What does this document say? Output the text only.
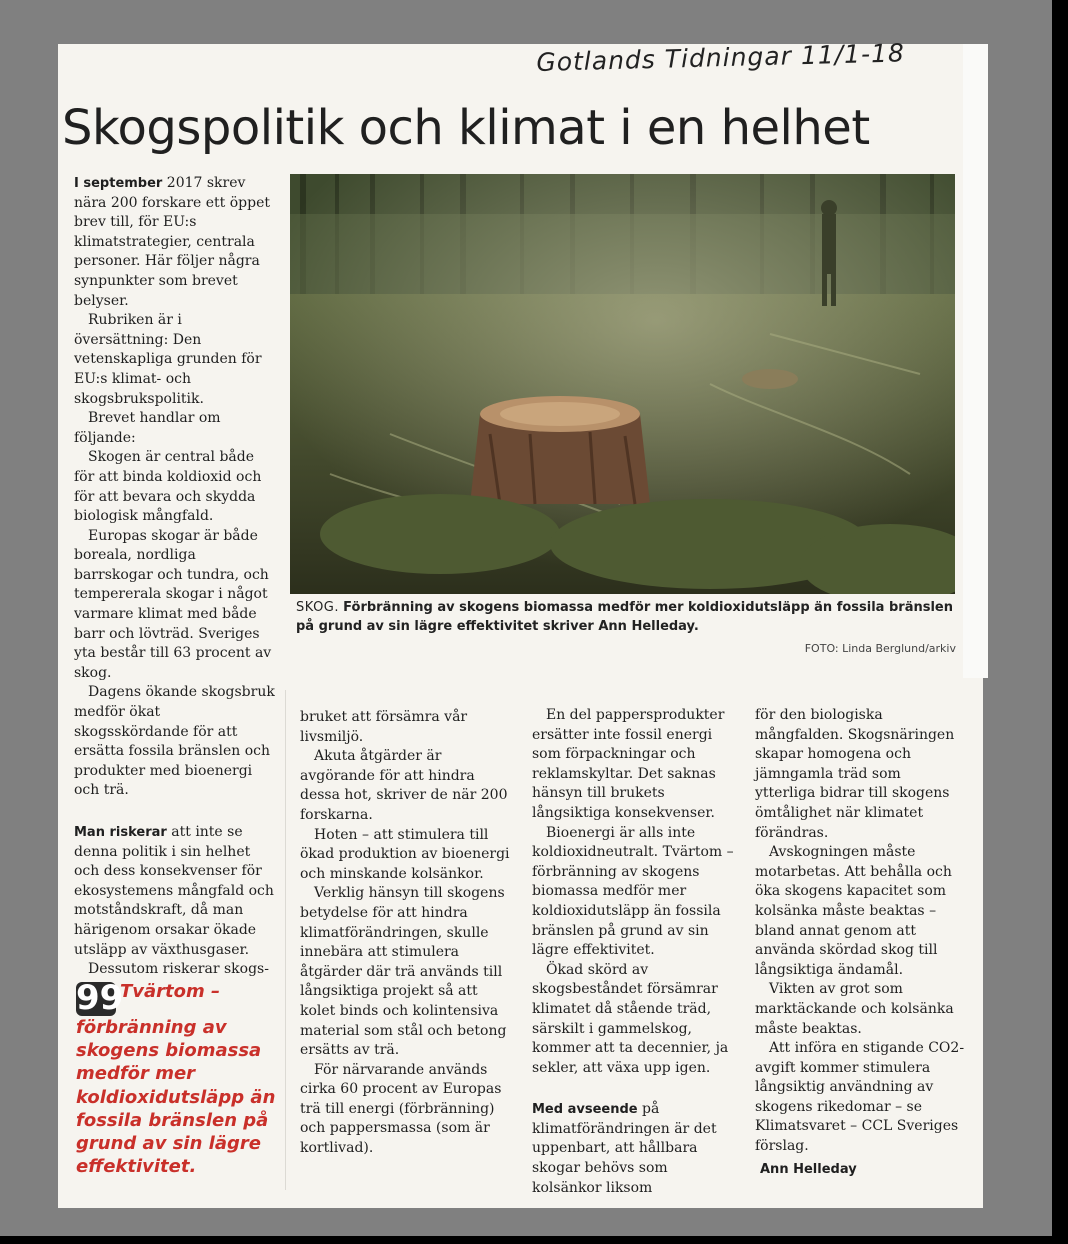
Gotlands Tidningar 11/1-18
Skogspolitik och klimat i en helhet

SKOG. Förbränning av skogens biomassa medför mer koldioxidutsläpp än fossila bränslen på grund av sin lägre effektivitet skriver Ann Helleday.

FOTO: Linda Berglund/arkiv

I september 2017 skrev nära 200 forskare ett öppet brev till, för EU:s klimatstrategier, centrala personer. Här följer några synpunkter som brevet belyser.

Rubriken är i översättning: Den vetenskapliga grunden för EU:s klimat- och skogsbrukspolitik.

Brevet handlar om följande:

Skogen är central både för att binda koldioxid och för att bevara och skydda biologisk mångfald.

Europas skogar är både boreala, nordliga barrskogar och tundra, och tempererala skogar i något varmare klimat med både barr och lövträd. Sveriges yta består till 63 procent av skog.

Dagens ökande skogsbruk medför ökat skogsskördande för att ersätta fossila bränslen och produkter med bioenergi och trä.

Man riskerar att inte se denna politik i sin helhet och dess konsekvenser för ekosystemens mångfald och motståndskraft, då man härigenom orsakar ökade utsläpp av växthusgaser.

Dessutom riskerar skogs-

99Tvärtom – förbränning av skogens biomassa medför mer koldioxidutsläpp än fossila bränslen på grund av sin lägre effektivitet.

bruket att försämra vår livsmiljö.

Akuta åtgärder är avgörande för att hindra dessa hot, skriver de när 200 forskarna.

Hoten – att stimulera till ökad produktion av bioenergi och minskande kolsänkor.

Verklig hänsyn till skogens betydelse för att hindra klimatförändringen, skulle innebära att stimulera åtgärder där trä används till långsiktiga projekt så att kolet binds och kolintensiva material som stål och betong ersätts av trä.

För närvarande används cirka 60 procent av Europas trä till energi (förbränning) och pappersmassa (som är kortlivad).

En del pappersprodukter ersätter inte fossil energi som förpackningar och reklamskyltar. Det saknas hänsyn till brukets långsiktiga konsekvenser.

Bioenergi är alls inte koldioxidneutralt. Tvärtom – förbränning av skogens biomassa medför mer koldioxidutsläpp än fossila bränslen på grund av sin lägre effektivitet.

Ökad skörd av skogsbeståndet försämrar klimatet då stående träd, särskilt i gammelskog, kommer att ta decennier, ja sekler, att växa upp igen.

Med avseende på klimatförändringen är det uppenbart, att hållbara skogar behövs som kolsänkor liksom

för den biologiska mångfalden. Skogsnäringen skapar homogena och jämngamla träd som ytterliga bidrar till skogens ömtålighet när klimatet förändras.

Avskogningen måste motarbetas. Att behålla och öka skogens kapacitet som kolsänka måste beaktas – bland annat genom att använda skördad skog till långsiktiga ändamål.

Vikten av grot som marktäckande och kolsänka måste beaktas.

Att införa en stigande CO2-avgift kommer stimulera långsiktig användning av skogens rikedomar – se Klimatsvaret – CCL Sveriges förslag.

Ann Helleday
